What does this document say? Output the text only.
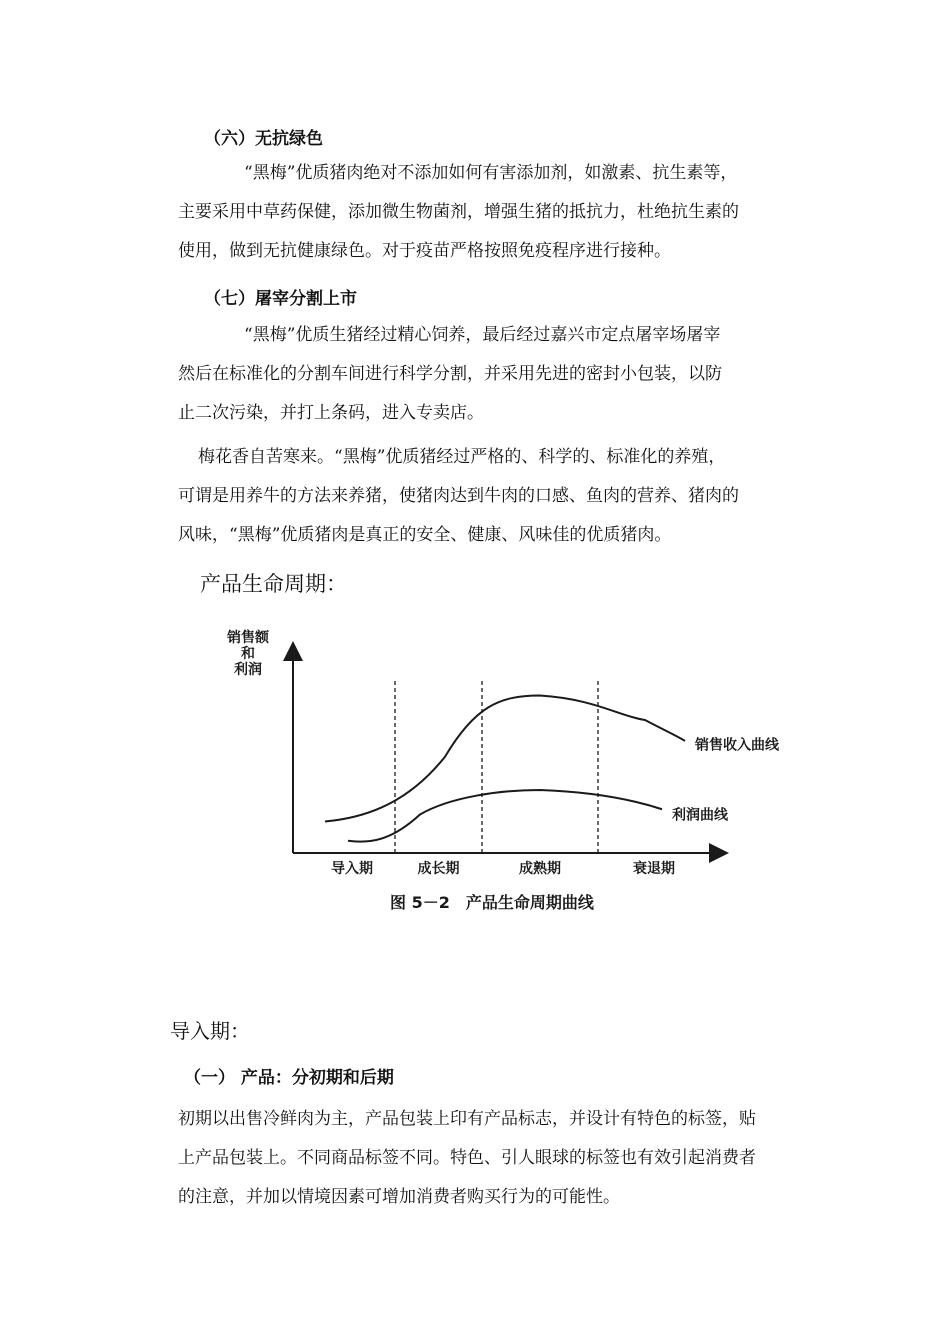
（六）无抗绿色
“黑梅”优质猪肉绝对不添加如何有害添加剂，如激素、抗生素等，
主要采用中草药保健，添加微生物菌剂，增强生猪的抵抗力，杜绝抗生素的
使用，做到无抗健康绿色。对于疫苗严格按照免疫程序进行接种。
（七）屠宰分割上市
“黑梅”优质生猪经过精心饲养，最后经过嘉兴市定点屠宰场屠宰
然后在标准化的分割车间进行科学分割，并采用先进的密封小包装，以防
止二次污染，并打上条码，进入专卖店。
梅花香自苦寒来。“黑梅”优质猪经过严格的、科学的、标准化的养殖，
可谓是用养牛的方法来养猪，使猪肉达到牛肉的口感、鱼肉的营养、猪肉的
风味，“黑梅”优质猪肉是真正的安全、健康、风味佳的优质猪肉。
产品生命周期：
销售额
和
利润
导入期	成长期	成熟期	衰退期
销售收入曲线
利润曲线
图 5－2　产品生命周期曲线
导入期：
（一） 产品：分初期和后期
初期以出售冷鲜肉为主，产品包装上印有产品标志，并设计有特色的标签，贴
上产品包装上。不同商品标签不同。特色、引人眼球的标签也有效引起消费者
的注意，并加以情境因素可增加消费者购买行为的可能性。
